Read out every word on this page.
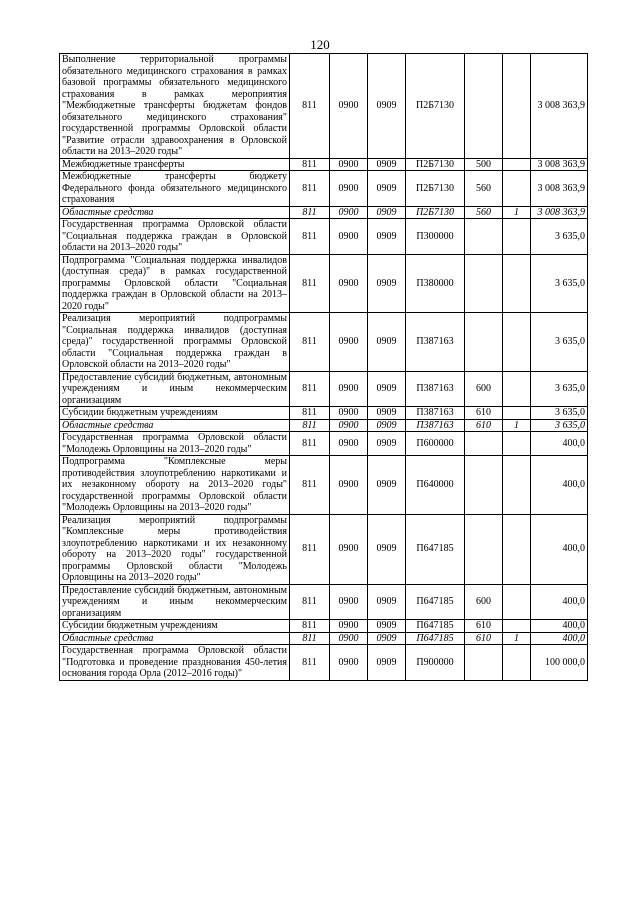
120
Выполнение территориальной программы обязательного медицинского страхования в рамках базовой программы обязательного медицинского страхования в рамках мероприятия "Межбюджетные трансферты бюджетам фондов обязательного медицинского страхования" государственной программы Орловской области "Развитие отрасли здравоохранения в Орловской области на 2013–2020 годы"	811	0900	0909	П2Б7130			3 008 363,9
Межбюджетные трансферты	811	0900	0909	П2Б7130	500		3 008 363,9
Межбюджетные трансферты бюджету Федерального фонда обязательного медицинского страхования	811	0900	0909	П2Б7130	560		3 008 363,9
Областные средства	811	0900	0909	П2Б7130	560	1	3 008 363,9
Государственная программа Орловской области "Социальная поддержка граждан в Орловской области на 2013–2020 годы"	811	0900	0909	П300000			3 635,0
Подпрограмма "Социальная поддержка инвалидов (доступная среда)" в рамках государственной программы Орловской области "Социальная поддержка граждан в Орловской области на 2013–2020 годы"	811	0900	0909	П380000			3 635,0
Реализация мероприятий подпрограммы "Социальная поддержка инвалидов (доступная среда)" государственной программы Орловской области "Социальная поддержка граждан в Орловской области на 2013–2020 годы"	811	0900	0909	П387163			3 635,0
Предоставление субсидий бюджетным, автономным учреждениям и иным некоммерческим организациям	811	0900	0909	П387163	600		3 635,0
Субсидии бюджетным учреждениям	811	0900	0909	П387163	610		3 635,0
Областные средства	811	0900	0909	П387163	610	1	3 635,0
Государственная программа Орловской области "Молодежь Орловщины на 2013–2020 годы"	811	0900	0909	П600000			400,0
Подпрограмма "Комплексные меры противодействия злоупотреблению наркотиками и их незаконному обороту на 2013–2020 годы" государственной программы Орловской области "Молодежь Орловщины на 2013–2020 годы"	811	0900	0909	П640000			400,0
Реализация мероприятий подпрограммы "Комплексные меры противодействия злоупотреблению наркотиками и их незаконному обороту на 2013–2020 годы" государственной программы Орловской области "Молодежь Орловщины на 2013–2020 годы"	811	0900	0909	П647185			400,0
Предоставление субсидий бюджетным, автономным учреждениям и иным некоммерческим организациям	811	0900	0909	П647185	600		400,0
Субсидии бюджетным учреждениям	811	0900	0909	П647185	610		400,0
Областные средства	811	0900	0909	П647185	610	1	400,0
Государственная программа Орловской области "Подготовка и проведение празднования 450-летия основания города Орла (2012–2016 годы)"	811	0900	0909	П900000			100 000,0
